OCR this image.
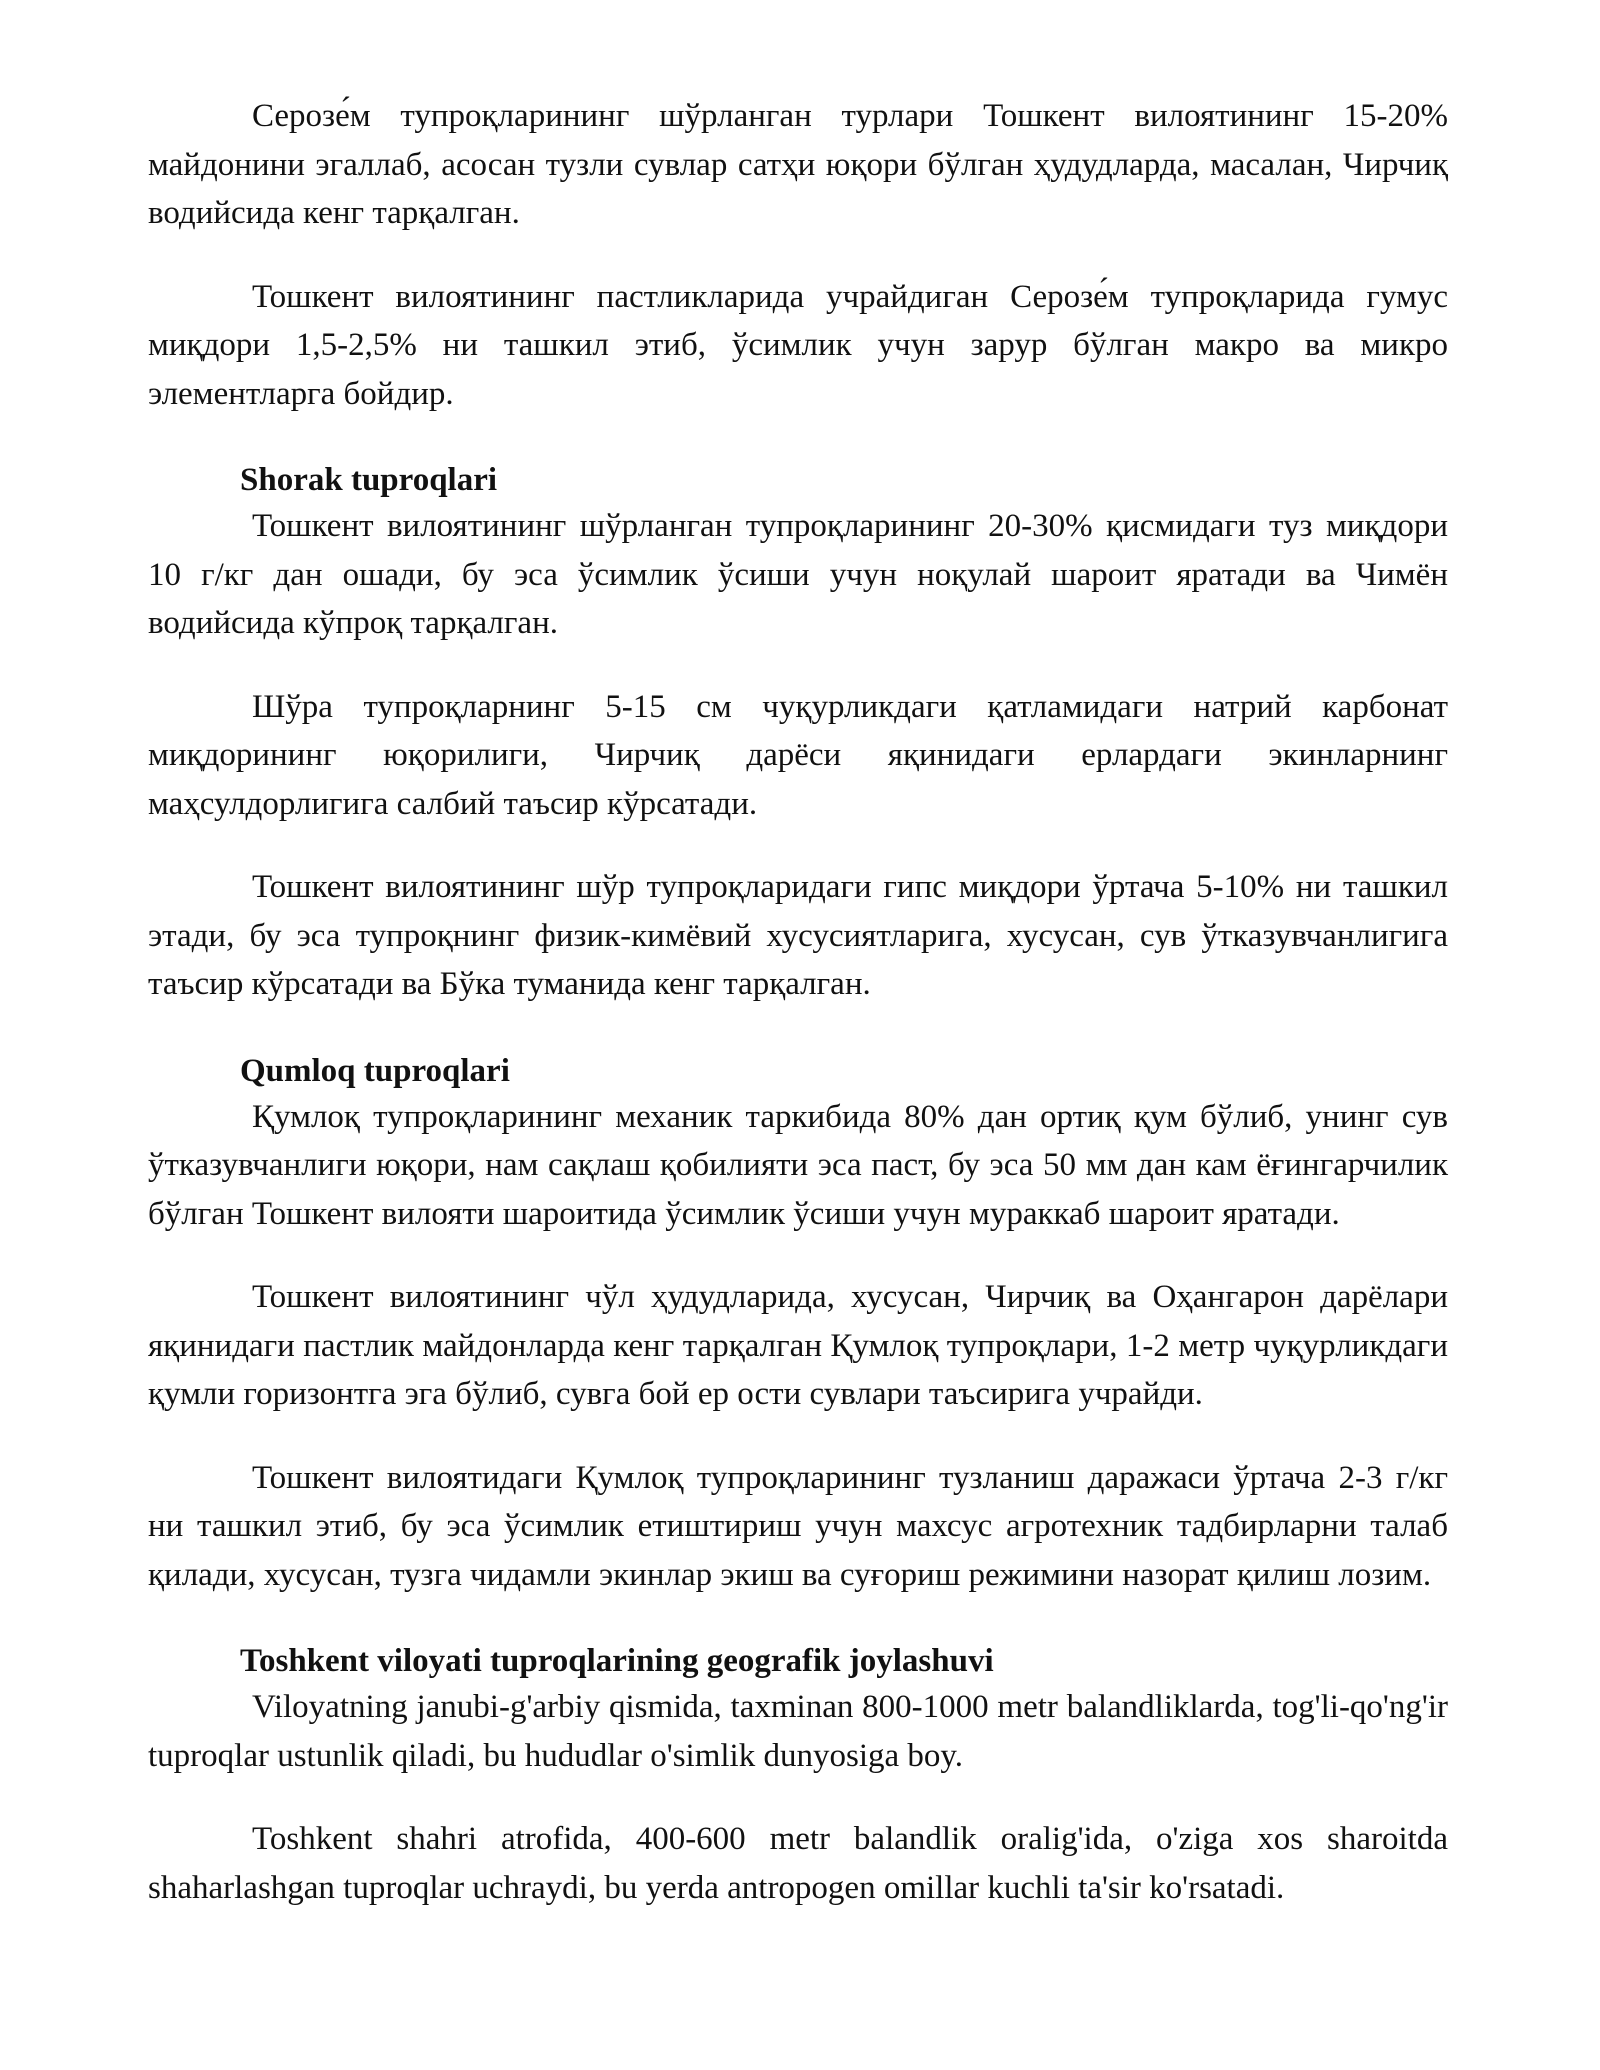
Серозе́м тупроқларининг шўрланган турлари Тошкент вилоятининг 15-20% майдонини эгаллаб, асосан тузли сувлар сатҳи юқори бўлган ҳудудларда, масалан, Чирчиқ водийсида кенг тарқалган.

Тошкент вилоятининг пастликларида учрайдиган Серозе́м тупроқларида гумус миқдори 1,5-2,5% ни ташкил этиб, ўсимлик учун зарур бўлган макро ва микро элементларга бойдир.

Shorak tuproqlari

Тошкент вилоятининг шўрланган тупроқларининг 20-30% қисмидаги туз миқдори 10 г/кг дан ошади, бу эса ўсимлик ўсиши учун ноқулай шароит яратади ва Чимён водийсида кўпроқ тарқалган.

Шўра тупроқларнинг 5-15 см чуқурликдаги қатламидаги натрий карбонат миқдорининг юқорилиги, Чирчиқ дарёси яқинидаги ерлардаги экинларнинг маҳсулдорлигига салбий таъсир кўрсатади.

Тошкент вилоятининг шўр тупроқларидаги гипс миқдори ўртача 5-10% ни ташкил этади, бу эса тупроқнинг физик-кимёвий хусусиятларига, хусусан, сув ўтказувчанлигига таъсир кўрсатади ва Бўка туманида кенг тарқалган.

Qumloq tuproqlari

Қумлоқ тупроқларининг механик таркибида 80% дан ортиқ қум бўлиб, унинг сув ўтказувчанлиги юқори, нам сақлаш қобилияти эса паст, бу эса 50 мм дан кам ёғингарчилик бўлган Тошкент вилояти шароитида ўсимлик ўсиши учун мураккаб шароит яратади.

Тошкент вилоятининг чўл ҳудудларида, хусусан, Чирчиқ ва Оҳангарон дарёлари яқинидаги пастлик майдонларда кенг тарқалган Қумлоқ тупроқлари, 1-2 метр чуқурликдаги қумли горизонтга эга бўлиб, сувга бой ер ости сувлари таъсирига учрайди.

Тошкент вилоятидаги Қумлоқ тупроқларининг тузланиш даражаси ўртача 2-3 г/кг ни ташкил этиб, бу эса ўсимлик етиштириш учун махсус агротехник тадбирларни талаб қилади, хусусан, тузга чидамли экинлар экиш ва суғориш режимини назорат қилиш лозим.

Toshkent viloyati tuproqlarining geografik joylashuvi

Viloyatning janubi-g'arbiy qismida, taxminan 800-1000 metr balandliklarda, tog'li-qo'ng'ir tuproqlar ustunlik qiladi, bu hududlar o'simlik dunyosiga boy.

Toshkent shahri atrofida, 400-600 metr balandlik oralig'ida, o'ziga xos sharoitda shaharlashgan tuproqlar uchraydi, bu yerda antropogen omillar kuchli ta'sir ko'rsatadi.
